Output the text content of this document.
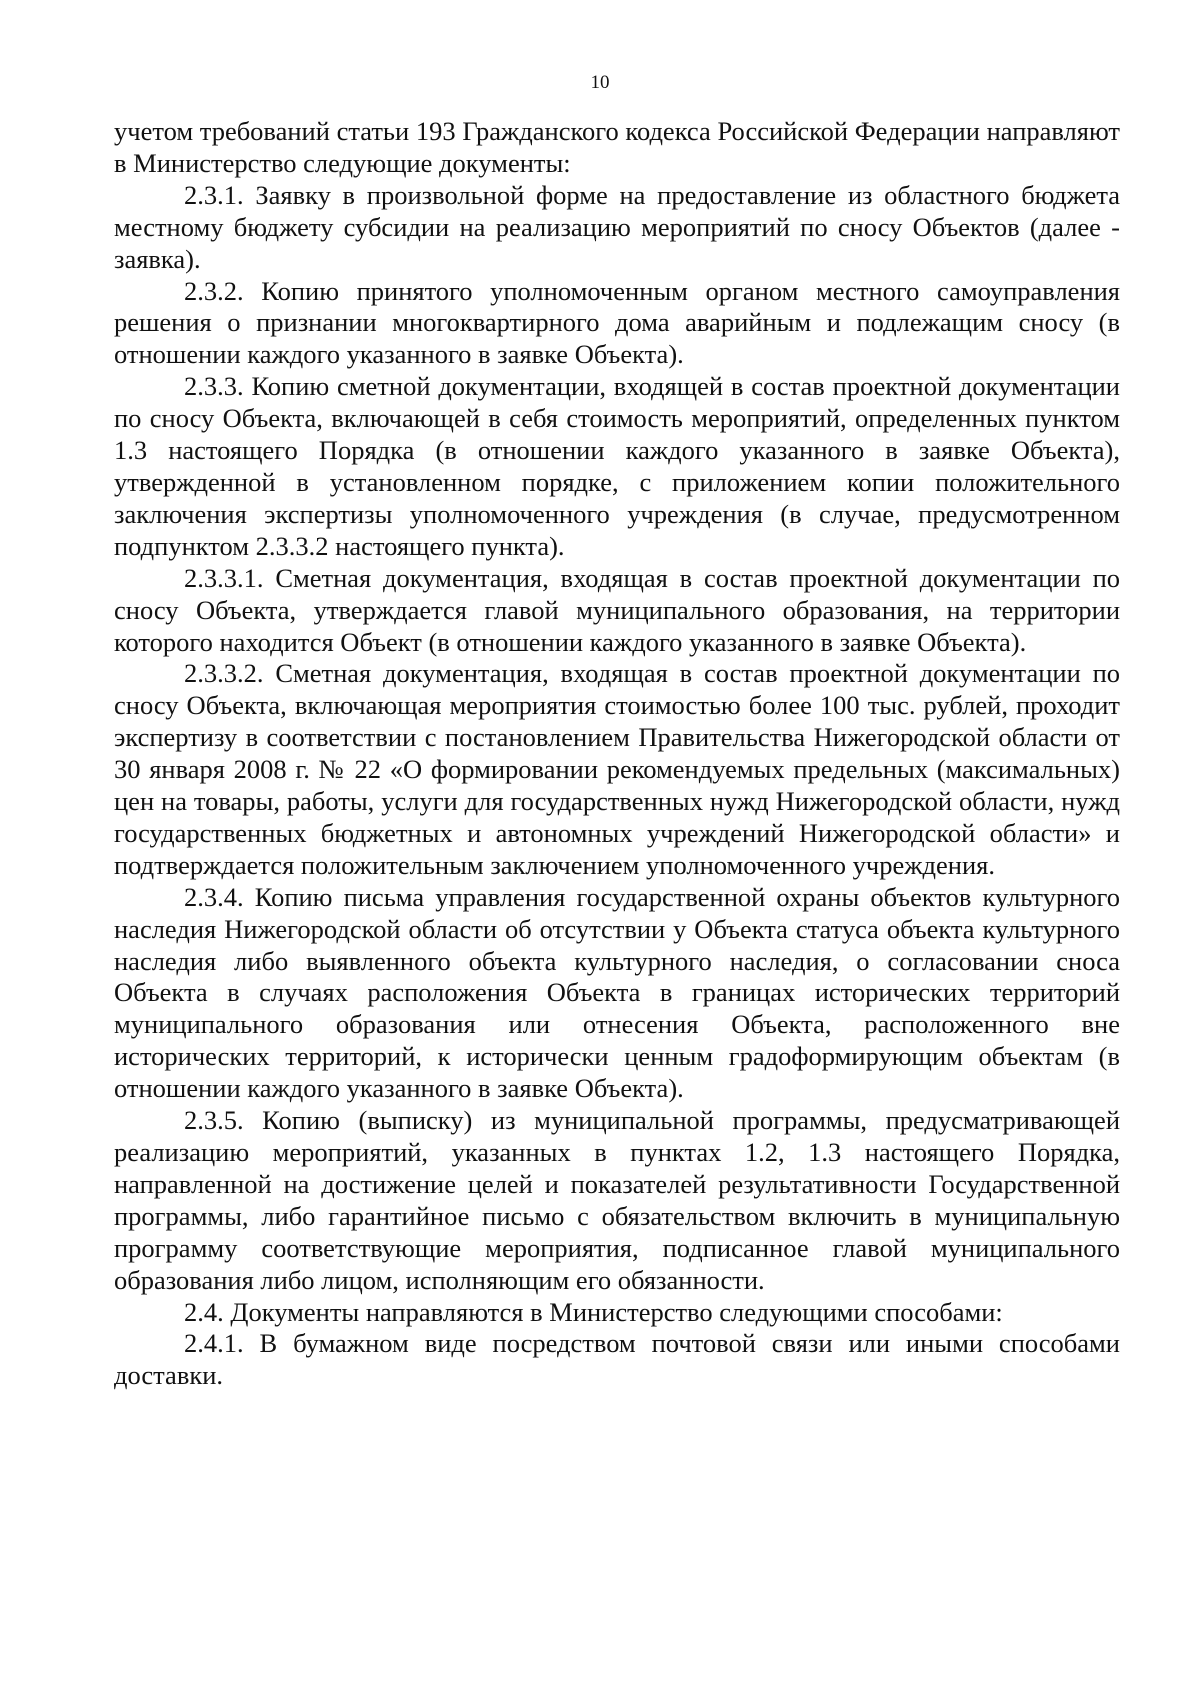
10

учетом требований статьи 193 Гражданского кодекса Российской Федерации направляют в Министерство следующие документы:

2.3.1. Заявку в произвольной форме на предоставление из областного бюджета местному бюджету субсидии на реализацию мероприятий по сносу Объектов (далее - заявка).

2.3.2. Копию принятого уполномоченным органом местного самоуправления решения о признании многоквартирного дома аварийным и подлежащим сносу (в отношении каждого указанного в заявке Объекта).

2.3.3. Копию сметной документации, входящей в состав проектной документации по сносу Объекта, включающей в себя стоимость мероприятий, определенных пунктом 1.3 настоящего Порядка (в отношении каждого указанного в заявке Объекта), утвержденной в установленном порядке, с приложением копии положительного заключения экспертизы уполномоченного учреждения (в случае, предусмотренном подпунктом 2.3.3.2 настоящего пункта).

2.3.3.1. Сметная документация, входящая в состав проектной документации по сносу Объекта, утверждается главой муниципального образования, на территории которого находится Объект (в отношении каждого указанного в заявке Объекта).

2.3.3.2. Сметная документация, входящая в состав проектной документации по сносу Объекта, включающая мероприятия стоимостью более 100 тыс. рублей, проходит экспертизу в соответствии с постановлением Правительства Нижегородской области от 30 января 2008 г. № 22 «О формировании рекомендуемых предельных (максимальных) цен на товары, работы, услуги для государственных нужд Нижегородской области, нужд государственных бюджетных и автономных учреждений Нижегородской области» и подтверждается положительным заключением уполномоченного учреждения.

2.3.4. Копию письма управления государственной охраны объектов культурного наследия Нижегородской области об отсутствии у Объекта статуса объекта культурного наследия либо выявленного объекта культурного наследия, о согласовании сноса Объекта в случаях расположения Объекта в границах исторических территорий муниципального образования или отнесения Объекта, расположенного вне исторических территорий, к исторически ценным градоформирующим объектам (в отношении каждого указанного в заявке Объекта).

2.3.5. Копию (выписку) из муниципальной программы, предусматривающей реализацию мероприятий, указанных в пунктах 1.2, 1.3 настоящего Порядка, направленной на достижение целей и показателей результативности Государственной программы, либо гарантийное письмо с обязательством включить в муниципальную программу соответствующие мероприятия, подписанное главой муниципального образования либо лицом, исполняющим его обязанности.

2.4. Документы направляются в Министерство следующими способами:

2.4.1. В бумажном виде посредством почтовой связи или иными способами доставки.
